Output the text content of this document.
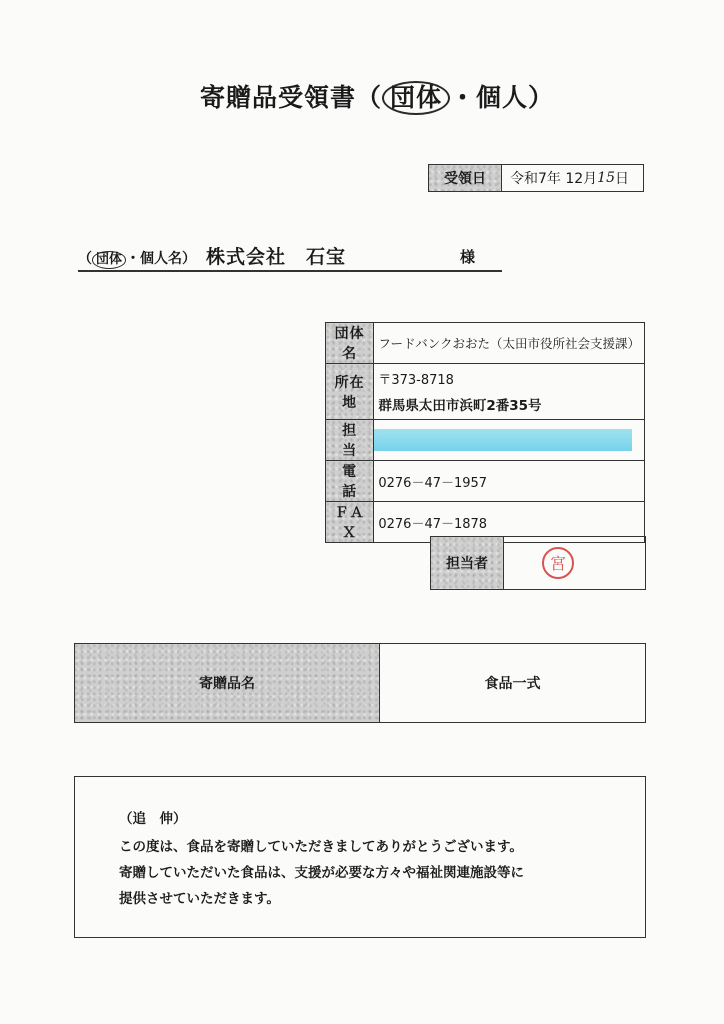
寄贈品受領書（ 団体 ・個人）
受領日	令和7年 12月 15 日
（ 団体 ・個人名） 株式会社　石宝	様
団体名	フードバンクおおた（太田市役所社会支援課）
所在地	〒373-8718
群馬県太田市浜町2番35号

担　当	

電　話	0276－47－1957
ＦＡＸ	0276－47－1878
担当者	宮
寄贈品名	食品一式
（追　伸）
この度は、食品を寄贈していただきましてありがとうございます。
寄贈していただいた食品は、支援が必要な方々や福祉関連施設等に
提供させていただきます。
